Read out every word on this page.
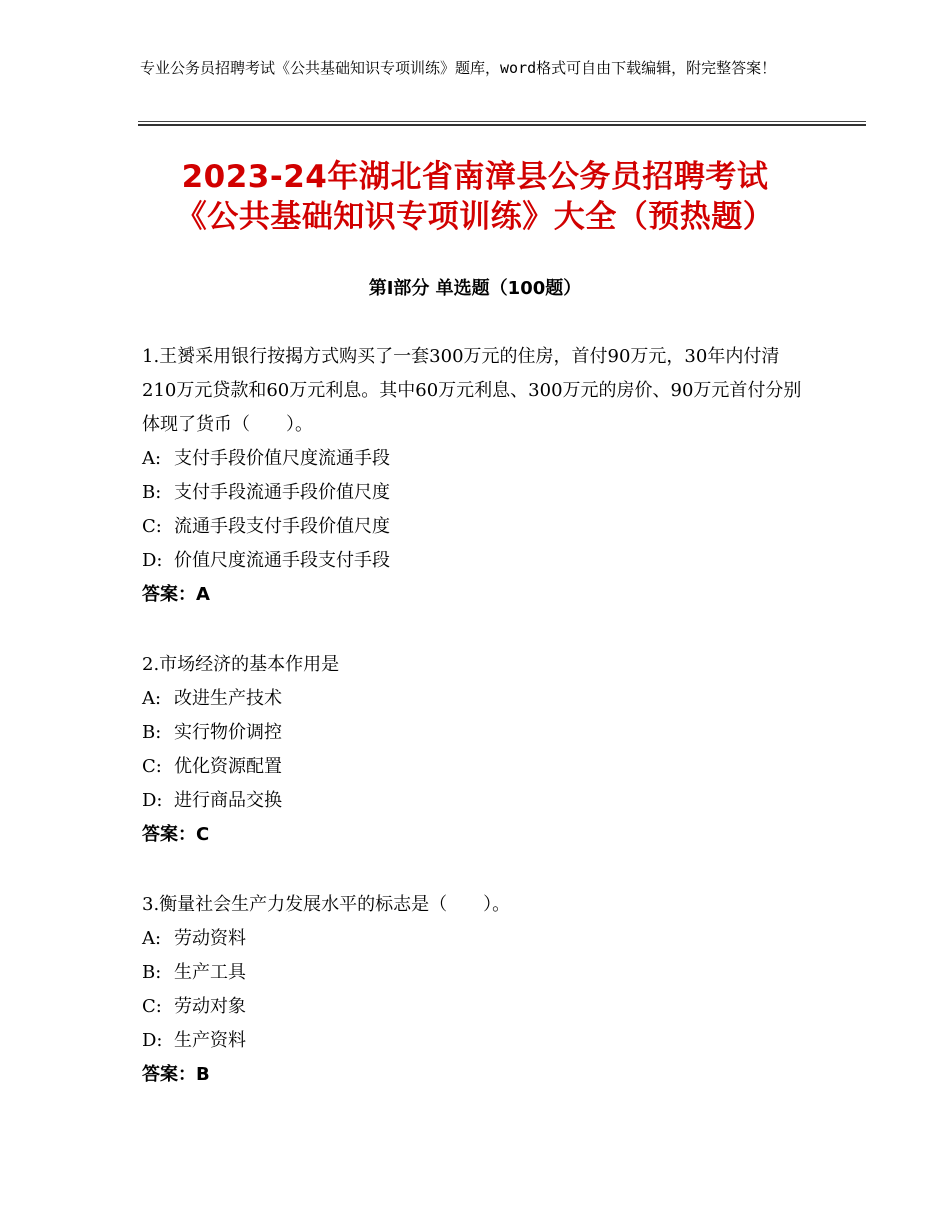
专业公务员招聘考试《公共基础知识专项训练》题库，word格式可自由下载编辑，附完整答案！
2023-24年湖北省南漳县公务员招聘考试
《公共基础知识专项训练》大全（预热题）
第Ⅰ部分 单选题（100题）
1.王赟采用银行按揭方式购买了一套300万元的住房，首付90万元，30年内付清210万元贷款和60万元利息。其中60万元利息、300万元的房价、90万元首付分别体现了货币（　　）。
A: 支付手段价值尺度流通手段
B: 支付手段流通手段价值尺度
C: 流通手段支付手段价值尺度
D: 价值尺度流通手段支付手段
答案：A
2.市场经济的基本作用是
A: 改进生产技术
B: 实行物价调控
C: 优化资源配置
D: 进行商品交换
答案：C
3.衡量社会生产力发展水平的标志是（　　）。
A: 劳动资料
B: 生产工具
C: 劳动对象
D: 生产资料
答案：B
